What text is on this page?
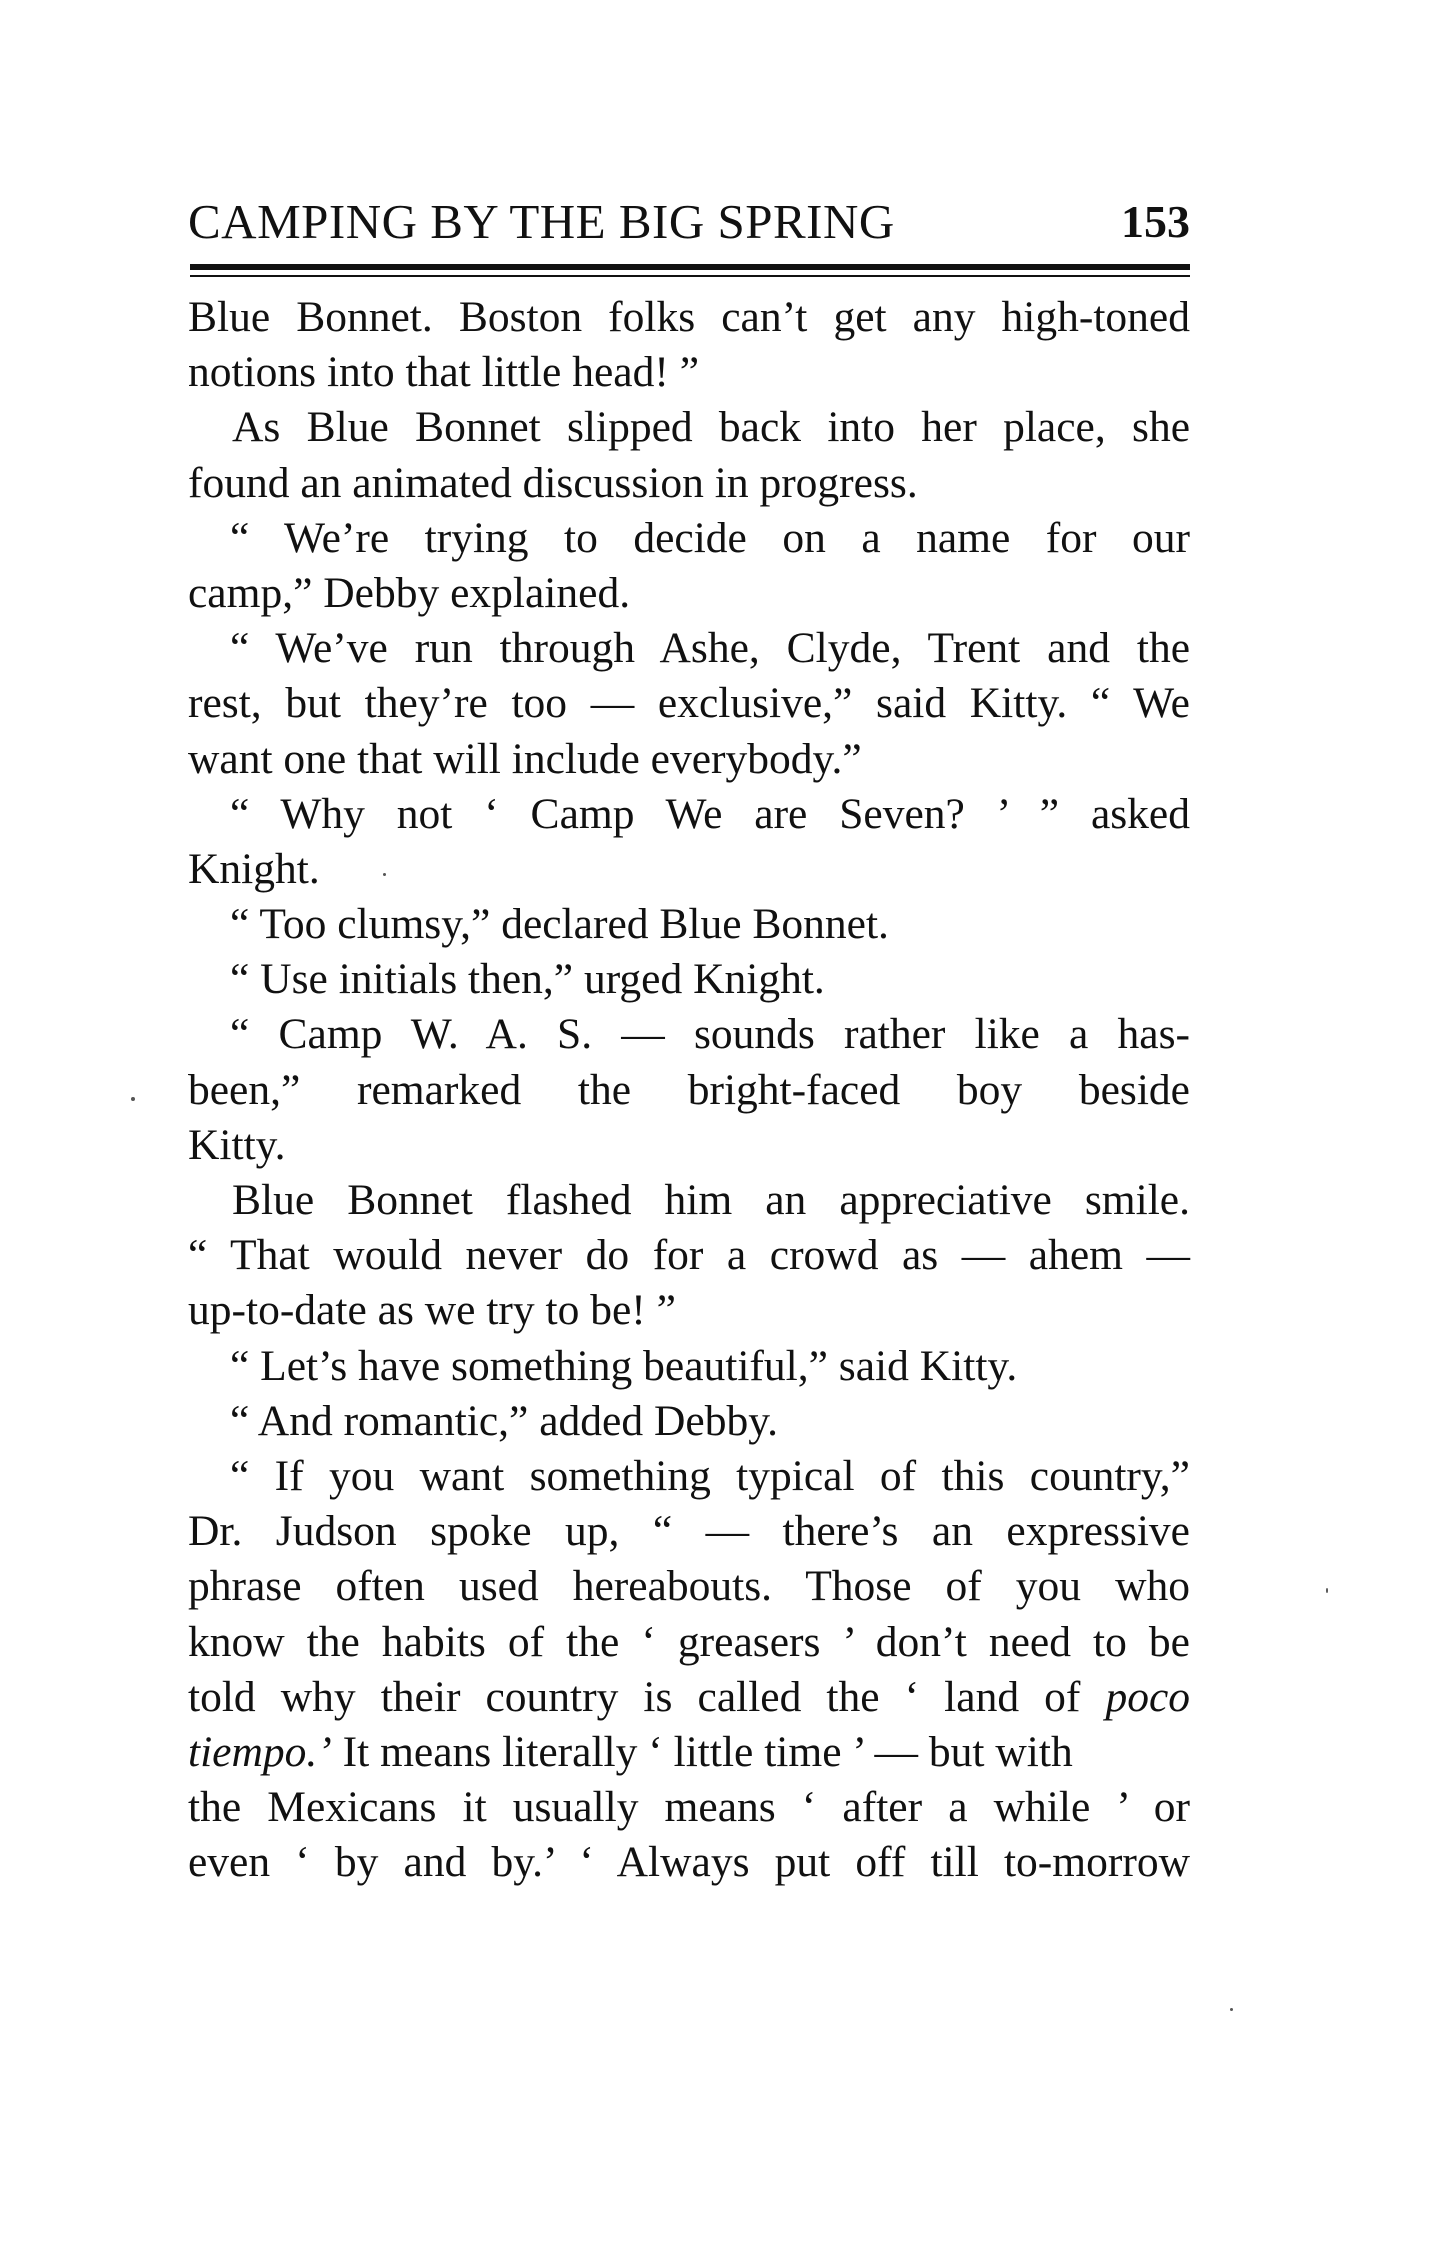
CAMPING BY THE BIG SPRING	153
Blue Bonnet. Boston folks can’t get any high-toned
notions into that little head! ”
As Blue Bonnet slipped back into her place, she
found an animated discussion in progress.
“ We’re trying to decide on a name for our
camp,” Debby explained.
“ We’ve run through Ashe, Clyde, Trent and the
rest, but they’re too — exclusive,” said Kitty. “ We
want one that will include everybody.”
“ Why not ‘ Camp We are Seven? ’ ” asked
Knight.
“ Too clumsy,” declared Blue Bonnet.
“ Use initials then,” urged Knight.
“ Camp W. A. S. — sounds rather like a has-
been,” remarked the bright-faced boy beside
Kitty.
Blue Bonnet flashed him an appreciative smile.
“ That would never do for a crowd as — ahem —
up-to-date as we try to be! ”
“ Let’s have something beautiful,” said Kitty.
“ And romantic,” added Debby.
“ If you want something typical of this country,”
Dr. Judson spoke up, “ — there’s an expressive
phrase often used hereabouts. Those of you who
know the habits of the ‘ greasers ’ don’t need to be
told why their country is called the ‘ land of poco
tiempo.’ It means literally ‘ little time ’ — but with
the Mexicans it usually means ‘ after a while ’ or
even ‘ by and by.’ ‘ Always put off till to-morrow
